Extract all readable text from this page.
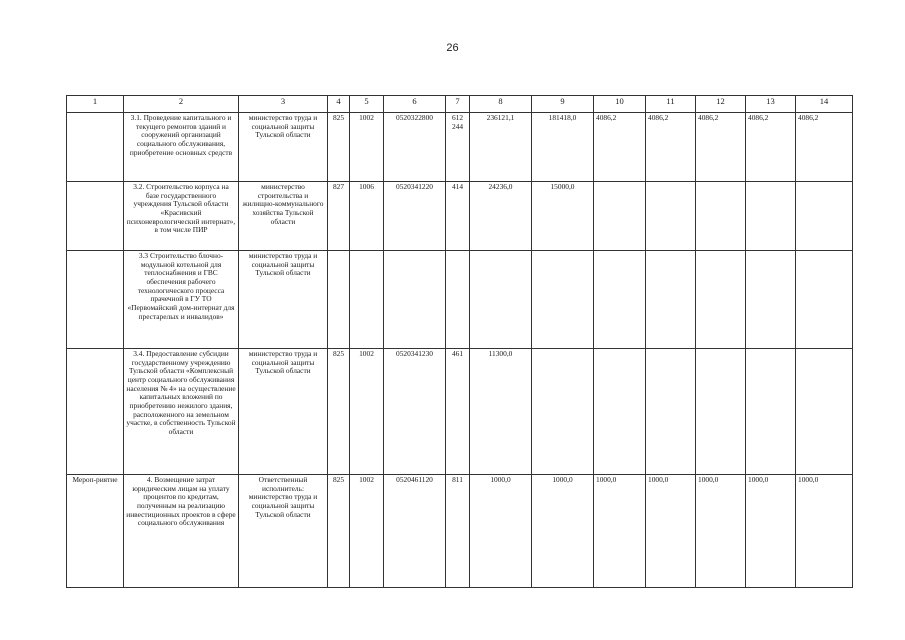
26
1	2	3	4	5	6	7	8	9	10	11	12	13	14
	3.1. Проведение капитального и текущего ремонтов зданий и сооружений организаций социального обслуживания, приобретение основных средств	министерство труда и социальной защиты Тульской области	825	1002	0520322800	612 244	236121,1	181418,0	4086,2	4086,2	4086,2	4086,2	4086,2
	3.2. Строительство корпуса на базе государственного учреждения Тульской области «Красивский психоневрологический интернат», в том числе ПИР	министерство строительства и жилищно-коммунального хозяйства Тульской области	827	1006	0520341220	414	24236,0	15000,0					
	3.3 Строительство блочно-модульной котельной для теплоснабжения и ГВС обеспечения рабочего технологического процесса прачечной в ГУ ТО «Первомайский дом-интернат для престарелых и инвалидов»	министерство труда и социальной защиты Тульской области											
	3.4. Предоставление субсидии государственному учреждению Тульской области «Комплексный центр социального обслуживания населения № 4» на осуществление капитальных вложений по приобретению нежилого здания, расположенного на земельном участке, в собственность Тульской области	министерство труда и социальной защиты Тульской области	825	1002	0520341230	461	11300,0						
Мероп-риятие	4. Возмещение затрат юридическим лицам на уплату процентов по кредитам, полученным на реализацию инвестиционных проектов в сфере социального обслуживания	Ответственный исполнитель: министерство труда и социальной защиты Тульской области	825	1002	0520461120	811	1000,0	1000,0	1000,0	1000,0	1000,0	1000,0	1000,0
